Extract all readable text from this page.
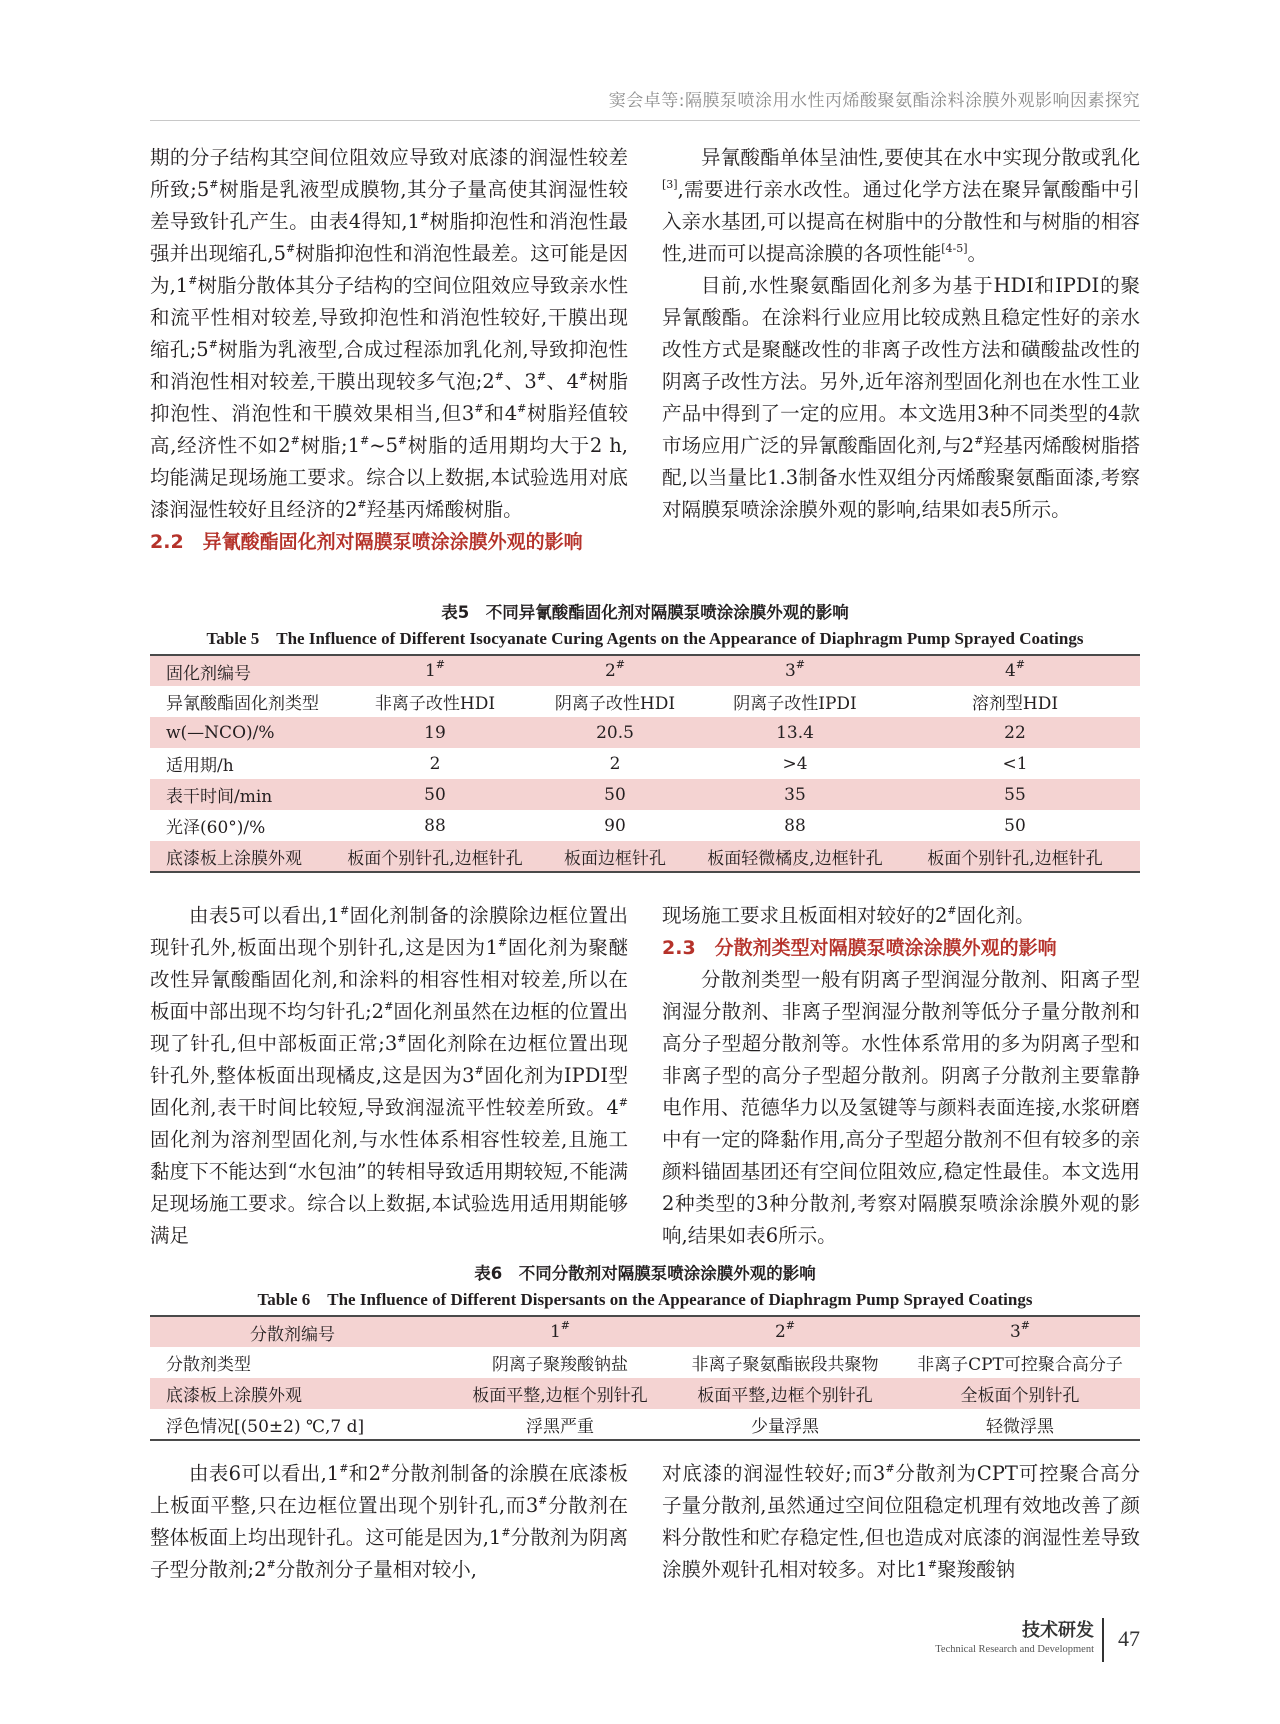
窦会卓等:隔膜泵喷涂用水性丙烯酸聚氨酯涂料涂膜外观影响因素探究

期的分子结构其空间位阻效应导致对底漆的润湿性较差所致;5#树脂是乳液型成膜物,其分子量高使其润湿性较差导致针孔产生。由表4得知,1#树脂抑泡性和消泡性最强并出现缩孔,5#树脂抑泡性和消泡性最差。这可能是因为,1#树脂分散体其分子结构的空间位阻效应导致亲水性和流平性相对较差,导致抑泡性和消泡性较好,干膜出现缩孔;5#树脂为乳液型,合成过程添加乳化剂,导致抑泡性和消泡性相对较差,干膜出现较多气泡;2#、3#、4#树脂抑泡性、消泡性和干膜效果相当,但3#和4#树脂羟值较高,经济性不如2#树脂;1#~5#树脂的适用期均大于2 h,均能满足现场施工要求。综合以上数据,本试验选用对底漆润湿性较好且经济的2#羟基丙烯酸树脂。

2.2　异氰酸酯固化剂对隔膜泵喷涂涂膜外观的影响

异氰酸酯单体呈油性,要使其在水中实现分散或乳化[3],需要进行亲水改性。通过化学方法在聚异氰酸酯中引入亲水基团,可以提高在树脂中的分散性和与树脂的相容性,进而可以提高涂膜的各项性能[4-5]。

目前,水性聚氨酯固化剂多为基于HDI和IPDI的聚异氰酸酯。在涂料行业应用比较成熟且稳定性好的亲水改性方式是聚醚改性的非离子改性方法和磺酸盐改性的阴离子改性方法。另外,近年溶剂型固化剂也在水性工业产品中得到了一定的应用。本文选用3种不同类型的4款市场应用广泛的异氰酸酯固化剂,与2#羟基丙烯酸树脂搭配,以当量比1.3制备水性双组分丙烯酸聚氨酯面漆,考察对隔膜泵喷涂涂膜外观的影响,结果如表5所示。

表5　不同异氰酸酯固化剂对隔膜泵喷涂涂膜外观的影响
Table 5　The Influence of Different Isocyanate Curing Agents on the Appearance of Diaphragm Pump Sprayed Coatings
固化剂编号	1#	2#	3#	4#
异氰酸酯固化剂类型	非离子改性HDI	阴离子改性HDI	阴离子改性IPDI	溶剂型HDI
w(—NCO)/%	19	20.5	13.4	22
适用期/h	2	2	>4	<1
表干时间/min	50	50	35	55
光泽(60°)/%	88	90	88	50
底漆板上涂膜外观	板面个别针孔,边框针孔	板面边框针孔	板面轻微橘皮,边框针孔	板面个别针孔,边框针孔

由表5可以看出,1#固化剂制备的涂膜除边框位置出现针孔外,板面出现个别针孔,这是因为1#固化剂为聚醚改性异氰酸酯固化剂,和涂料的相容性相对较差,所以在板面中部出现不均匀针孔;2#固化剂虽然在边框的位置出现了针孔,但中部板面正常;3#固化剂除在边框位置出现针孔外,整体板面出现橘皮,这是因为3#固化剂为IPDI型固化剂,表干时间比较短,导致润湿流平性较差所致。4#固化剂为溶剂型固化剂,与水性体系相容性较差,且施工黏度下不能达到“水包油”的转相导致适用期较短,不能满足现场施工要求。综合以上数据,本试验选用适用期能够满足

现场施工要求且板面相对较好的2#固化剂。

2.3　分散剂类型对隔膜泵喷涂涂膜外观的影响

分散剂类型一般有阴离子型润湿分散剂、阳离子型润湿分散剂、非离子型润湿分散剂等低分子量分散剂和高分子型超分散剂等。水性体系常用的多为阴离子型和非离子型的高分子型超分散剂。阴离子分散剂主要靠静电作用、范德华力以及氢键等与颜料表面连接,水浆研磨中有一定的降黏作用,高分子型超分散剂不但有较多的亲颜料锚固基团还有空间位阻效应,稳定性最佳。本文选用2种类型的3种分散剂,考察对隔膜泵喷涂涂膜外观的影响,结果如表6所示。

表6　不同分散剂对隔膜泵喷涂涂膜外观的影响
Table 6　The Influence of Different Dispersants on the Appearance of Diaphragm Pump Sprayed Coatings
分散剂编号	1#	2#	3#
分散剂类型	阴离子聚羧酸钠盐	非离子聚氨酯嵌段共聚物	非离子CPT可控聚合高分子
底漆板上涂膜外观	板面平整,边框个别针孔	板面平整,边框个别针孔	全板面个别针孔
浮色情况[(50±2) ℃,7 d]	浮黑严重	少量浮黑	轻微浮黑

由表6可以看出,1#和2#分散剂制备的涂膜在底漆板上板面平整,只在边框位置出现个别针孔,而3#分散剂在整体板面上均出现针孔。这可能是因为,1#分散剂为阴离子型分散剂;2#分散剂分子量相对较小,

对底漆的润湿性较好;而3#分散剂为CPT可控聚合高分子量分散剂,虽然通过空间位阻稳定机理有效地改善了颜料分散性和贮存稳定性,但也造成对底漆的润湿性差导致涂膜外观针孔相对较多。对比1#聚羧酸钠

技术研发
Technical Research and Development 47
